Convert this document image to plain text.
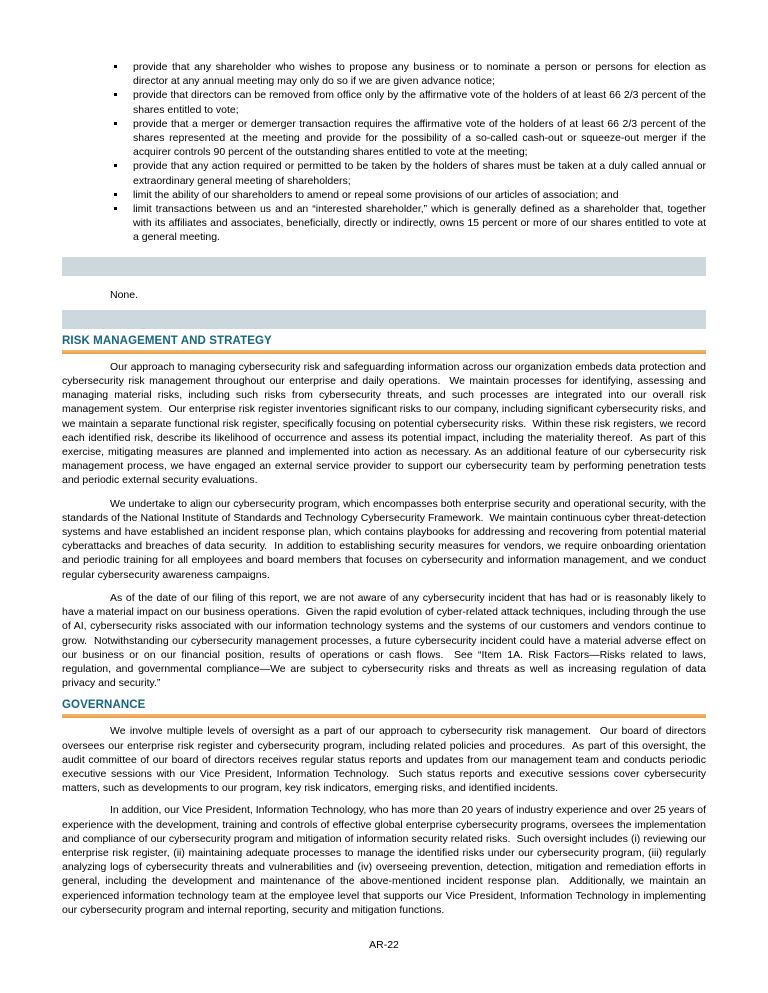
provide that any shareholder who wishes to propose any business or to nominate a person or persons for election as director at any annual meeting may only do so if we are given advance notice;
provide that directors can be removed from office only by the affirmative vote of the holders of at least 66 2/3 percent of the shares entitled to vote;
provide that a merger or demerger transaction requires the affirmative vote of the holders of at least 66 2/3 percent of the shares represented at the meeting and provide for the possibility of a so-called cash-out or squeeze-out merger if the acquirer controls 90 percent of the outstanding shares entitled to vote at the meeting;
provide that any action required or permitted to be taken by the holders of shares must be taken at a duly called annual or extraordinary general meeting of shareholders;
limit the ability of our shareholders to amend or repeal some provisions of our articles of association; and
limit transactions between us and an “interested shareholder,” which is generally defined as a shareholder that, together with its affiliates and associates, beneficially, directly or indirectly, owns 15 percent or more of our shares entitled to vote at a general meeting.

None.

RISK MANAGEMENT AND STRATEGY

Our approach to managing cybersecurity risk and safeguarding information across our organization embeds data protection and cybersecurity risk management throughout our enterprise and daily operations.  We maintain processes for identifying, assessing and managing material risks, including such risks from cybersecurity threats, and such processes are integrated into our overall risk management system.  Our enterprise risk register inventories significant risks to our company, including significant cybersecurity risks, and we maintain a separate functional risk register, specifically focusing on potential cybersecurity risks.  Within these risk registers, we record each identified risk, describe its likelihood of occurrence and assess its potential impact, including the materiality thereof.  As part of this exercise, mitigating measures are planned and implemented into action as necessary. As an additional feature of our cybersecurity risk management process, we have engaged an external service provider to support our cybersecurity team by performing penetration tests and periodic external security evaluations.

We undertake to align our cybersecurity program, which encompasses both enterprise security and operational security, with the standards of the National Institute of Standards and Technology Cybersecurity Framework.  We maintain continuous cyber threat-detection systems and have established an incident response plan, which contains playbooks for addressing and recovering from potential material cyberattacks and breaches of data security.  In addition to establishing security measures for vendors, we require onboarding orientation and periodic training for all employees and board members that focuses on cybersecurity and information management, and we conduct regular cybersecurity awareness campaigns.

As of the date of our filing of this report, we are not aware of any cybersecurity incident that has had or is reasonably likely to have a material impact on our business operations.  Given the rapid evolution of cyber-related attack techniques, including through the use of AI, cybersecurity risks associated with our information technology systems and the systems of our customers and vendors continue to grow.  Notwithstanding our cybersecurity management processes, a future cybersecurity incident could have a material adverse effect on our business or on our financial position, results of operations or cash flows.  See “Item 1A. Risk Factors—Risks related to laws, regulation, and governmental compliance—We are subject to cybersecurity risks and threats as well as increasing regulation of data privacy and security.”

GOVERNANCE

We involve multiple levels of oversight as a part of our approach to cybersecurity risk management.  Our board of directors oversees our enterprise risk register and cybersecurity program, including related policies and procedures.  As part of this oversight, the audit committee of our board of directors receives regular status reports and updates from our management team and conducts periodic executive sessions with our Vice President, Information Technology.  Such status reports and executive sessions cover cybersecurity matters, such as developments to our program, key risk indicators, emerging risks, and identified incidents.

In addition, our Vice President, Information Technology, who has more than 20 years of industry experience and over 25 years of experience with the development, training and controls of effective global enterprise cybersecurity programs, oversees the implementation and compliance of our cybersecurity program and mitigation of information security related risks.  Such oversight includes (i) reviewing our enterprise risk register, (ii) maintaining adequate processes to manage the identified risks under our cybersecurity program, (iii) regularly analyzing logs of cybersecurity threats and vulnerabilities and (iv) overseeing prevention, detection, mitigation and remediation efforts in general, including the development and maintenance of the above-mentioned incident response plan.  Additionally, we maintain an experienced information technology team at the employee level that supports our Vice President, Information Technology in implementing our cybersecurity program and internal reporting, security and mitigation functions.

AR-22
